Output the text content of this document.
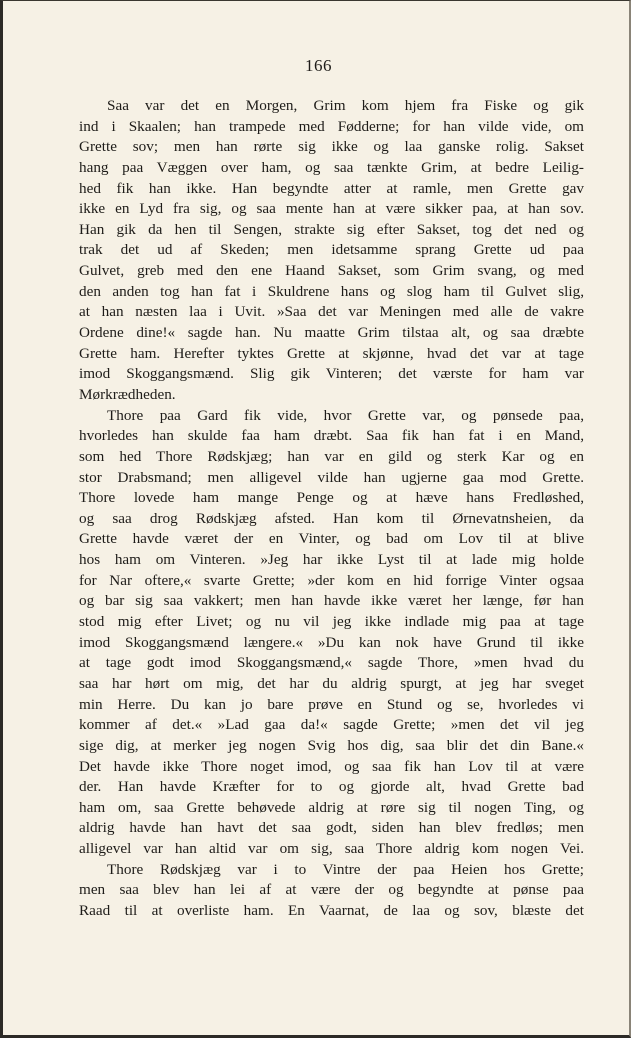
166
Saa var det en Morgen, Grim kom hjem fra Fiske og gik
ind i Skaalen; han trampede med Fødderne; for han vilde vide, om
Grette sov; men han rørte sig ikke og laa ganske rolig. Sakset
hang paa Væggen over ham, og saa tænkte Grim, at bedre Leilig-
hed fik han ikke. Han begyndte atter at ramle, men Grette gav
ikke en Lyd fra sig, og saa mente han at være sikker paa, at han sov.
Han gik da hen til Sengen, strakte sig efter Sakset, tog det ned og
trak det ud af Skeden; men idetsamme sprang Grette ud paa
Gulvet, greb med den ene Haand Sakset, som Grim svang, og med
den anden tog han fat i Skuldrene hans og slog ham til Gulvet slig,
at han næsten laa i Uvit. »Saa det var Meningen med alle de vakre
Ordene dine!« sagde han. Nu maatte Grim tilstaa alt, og saa dræbte
Grette ham. Herefter tyktes Grette at skjønne, hvad det var at tage
imod Skoggangsmænd. Slig gik Vinteren; det værste for ham var
Mørkrædheden.
Thore paa Gard fik vide, hvor Grette var, og pønsede paa,
hvorledes han skulde faa ham dræbt. Saa fik han fat i en Mand,
som hed Thore Rødskjæg; han var en gild og sterk Kar og en
stor Drabsmand; men alligevel vilde han ugjerne gaa mod Grette.
Thore lovede ham mange Penge og at hæve hans Fredløshed,
og saa drog Rødskjæg afsted. Han kom til Ørnevatnsheien, da
Grette havde været der en Vinter, og bad om Lov til at blive
hos ham om Vinteren. »Jeg har ikke Lyst til at lade mig holde
for Nar oftere,« svarte Grette; »der kom en hid forrige Vinter ogsaa
og bar sig saa vakkert; men han havde ikke været her længe, før han
stod mig efter Livet; og nu vil jeg ikke indlade mig paa at tage
imod Skoggangsmænd længere.« »Du kan nok have Grund til ikke
at tage godt imod Skoggangsmænd,« sagde Thore, »men hvad du
saa har hørt om mig, det har du aldrig spurgt, at jeg har sveget
min Herre. Du kan jo bare prøve en Stund og se, hvorledes vi
kommer af det.« »Lad gaa da!« sagde Grette; »men det vil jeg
sige dig, at merker jeg nogen Svig hos dig, saa blir det din Bane.«
Det havde ikke Thore noget imod, og saa fik han Lov til at være
der. Han havde Kræfter for to og gjorde alt, hvad Grette bad
ham om, saa Grette behøvede aldrig at røre sig til nogen Ting, og
aldrig havde han havt det saa godt, siden han blev fredløs; men
alligevel var han altid var om sig, saa Thore aldrig kom nogen Vei.
Thore Rødskjæg var i to Vintre der paa Heien hos Grette;
men saa blev han lei af at være der og begyndte at pønse paa
Raad til at overliste ham. En Vaarnat, de laa og sov, blæste det
